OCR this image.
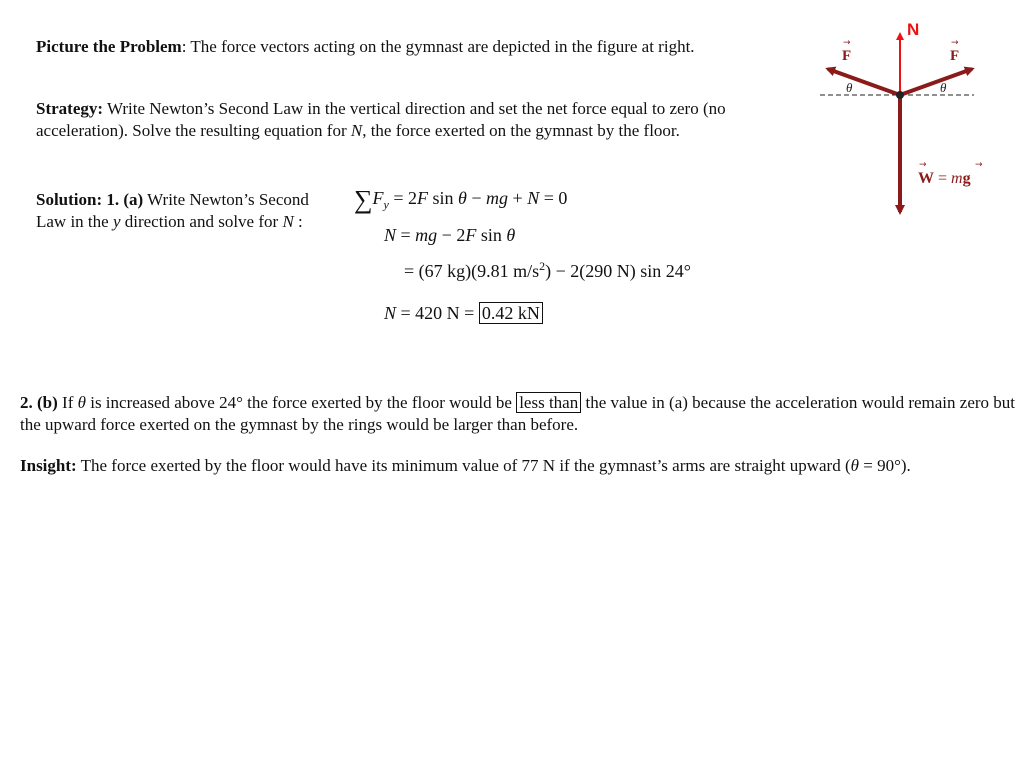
Picture the Problem: The force vectors acting on the gymnast are depicted in the figure at right.
Strategy: Write Newton’s Second Law in the vertical direction and set the net force equal to zero (no acceleration). Solve the resulting equation for N, the force exerted on the gymnast by the floor.
Solution: 1. (a) Write Newton’s Second Law in the y direction and solve for N :
$\sum F_y = 2F$ sin θ − mg + N = 0
N = mg − 2F sin θ
= (67 kg)(9.81 $m/s^2) - 2(290$ N) sin 24°
N = 420 N = 0.42 kN
2. (b) If θ is increased above 24° the force exerted by the floor would be less than the value in (a) because the acceleration would remain zero but the upward force exerted on the gymnast by the rings would be larger than before.
Insight: The force exerted by the floor would have its minimum value of 77 N if the gymnast’s arms are straight upward (θ = 90°).
N
F
→
F
→
θ	θ
W = mg
→	→
